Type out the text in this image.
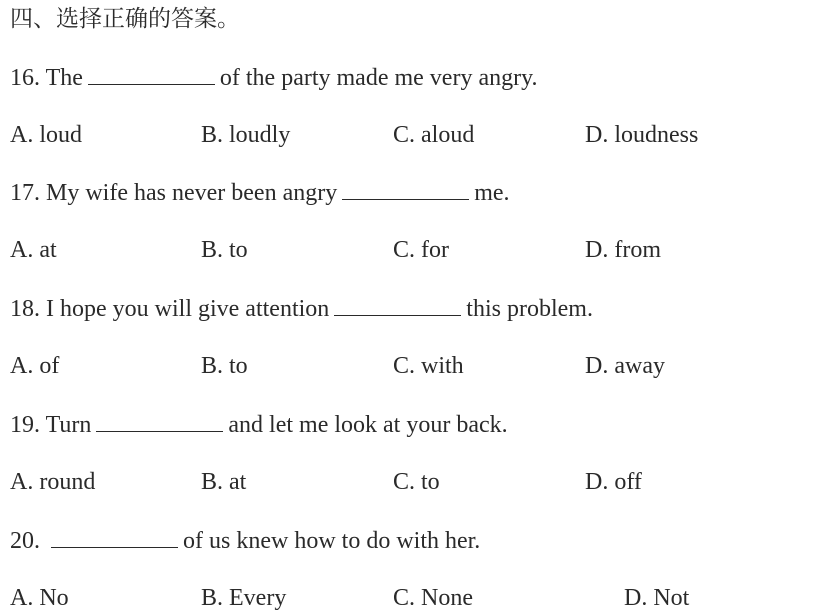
四、选择正确的答案。
16. The	of the party made me very angry.
A. loud	B. loudly	C. aloud	D. loudness
17. My wife has never been angry	me.
A. at	B. to	C. for	D. from
18. I hope you will give attention	this problem.
A. of	B. to	C. with	D. away
19. Turn	and let me look at your back.
A. round	B. at	C. to	D. off
20.	of us knew how to do with her.
A. No	B. Every	C. None	D. Not
